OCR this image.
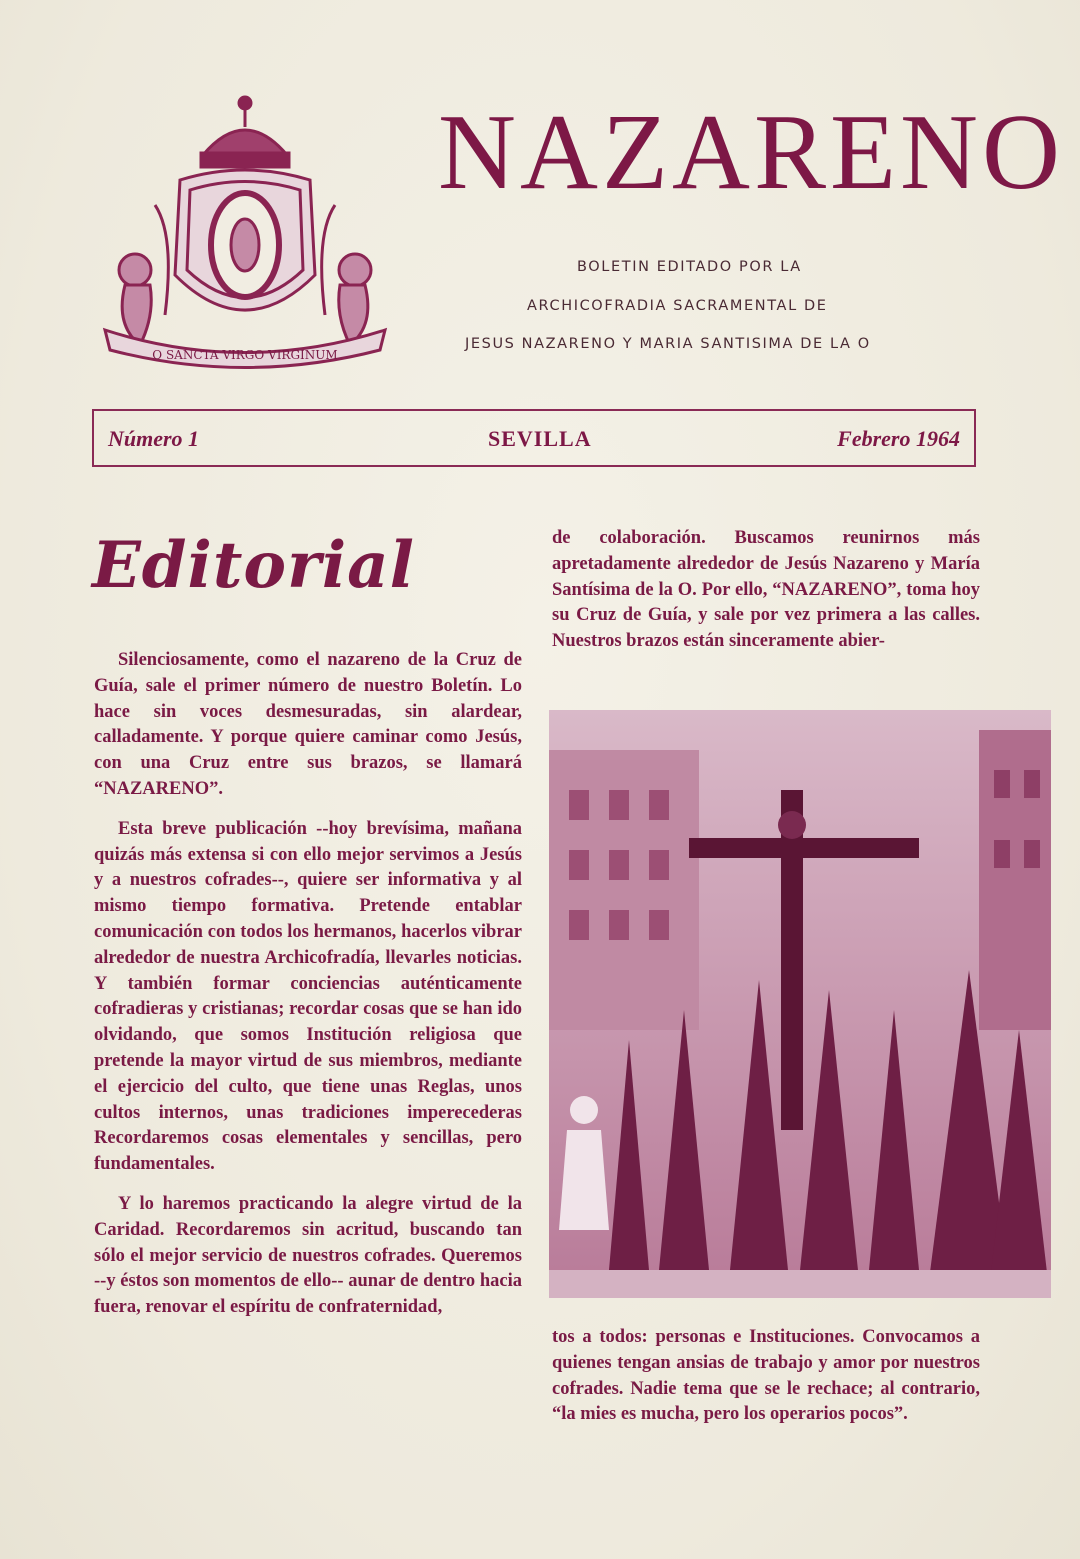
O SANCTA VIRGO VIRGINUM
NAZARENO
BOLETIN EDITADO POR LA
ARCHICOFRADIA SACRAMENTAL DE
JESUS NAZARENO Y MARIA SANTISIMA DE LA O
Número 1	SEVILLA	Febrero 1964
Editorial

Silenciosamente, como el nazareno de la Cruz de Guía, sale el primer número de nuestro Boletín. Lo hace sin voces desmesuradas, sin alardear, calladamente. Y porque quiere caminar como Jesús, con una Cruz entre sus brazos, se llamará “NAZARENO”.

Esta breve publicación --hoy brevísima, mañana quizás más extensa si con ello mejor servimos a Jesús y a nuestros cofrades--, quiere ser informativa y al mismo tiempo formativa. Pretende entablar comunicación con todos los hermanos, hacerlos vibrar alrededor de nuestra Archicofradía, llevarles noticias. Y también formar conciencias auténticamente cofradieras y cristianas; recordar cosas que se han ido olvidando, que somos Institución religiosa que pretende la mayor virtud de sus miembros, mediante el ejercicio del culto, que tiene unas Reglas, unos cultos internos, unas tradiciones imperecederas Recordaremos cosas elementales y sencillas, pero fundamentales.

Y lo haremos practicando la alegre virtud de la Caridad. Recordaremos sin acritud, buscando tan sólo el mejor servicio de nuestros cofrades. Queremos --y éstos son momentos de ello-- aunar de dentro hacia fuera, renovar el espíritu de confraternidad,

de colaboración. Buscamos reunirnos más apretadamente alrededor de Jesús Nazareno y María Santísima de la O. Por ello, “NAZARENO”, toma hoy su Cruz de Guía, y sale por vez primera a las calles. Nuestros brazos están sinceramente abier-

tos a todos: personas e Instituciones. Convocamos a quienes tengan ansias de trabajo y amor por nuestros cofrades. Nadie tema que se le rechace; al contrario, “la mies es mucha, pero los operarios pocos”.
